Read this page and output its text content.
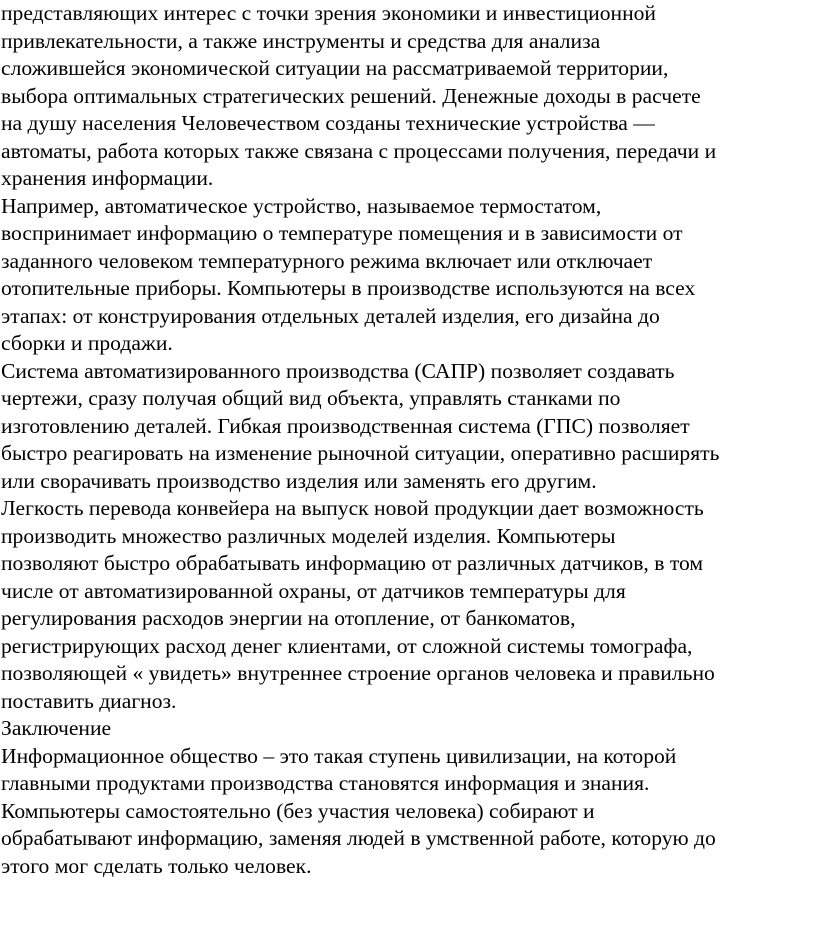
представляющих интерес с точки зрения экономики и инвестиционной
привлекательности, а также инструменты и средства для анализа
сложившейся экономической ситуации на рассматриваемой территории,
выбора оптимальных стратегических решений. Денежные доходы в расчете
на душу населения Человечеством созданы технические устройства —
автоматы, работа которых также связана с процессами получения, передачи и
хранения информации.
Например, автоматическое устройство, называемое термостатом,
воспринимает информацию о температуре помещения и в зависимости от
заданного человеком температурного режима включает или отключает
отопительные приборы. Компьютеры в производстве используются на всех
этапах: от конструирования отдельных деталей изделия, его дизайна до
сборки и продажи.
Система автоматизированного производства (САПР) позволяет создавать
чертежи, сразу получая общий вид объекта, управлять станками по
изготовлению деталей. Гибкая производственная система (ГПС) позволяет
быстро реагировать на изменение рыночной ситуации, оперативно расширять
или сворачивать производство изделия или заменять его другим.
Легкость перевода конвейера на выпуск новой продукции дает возможность
производить множество различных моделей изделия. Компьютеры
позволяют быстро обрабатывать информацию от различных датчиков, в том
числе от автоматизированной охраны, от датчиков температуры для
регулирования расходов энергии на отопление, от банкоматов,
регистрирующих расход денег клиентами, от сложной системы томографа,
позволяющей « увидеть» внутреннее строение органов человека и правильно
поставить диагноз.
Заключение
Информационное общество – это такая ступень цивилизации, на которой
главными продуктами производства становятся информация и знания.
Компьютеры самостоятельно (без участия человека) собирают и
обрабатывают информацию, заменяя людей в умственной работе, которую до
этого мог сделать только человек.
